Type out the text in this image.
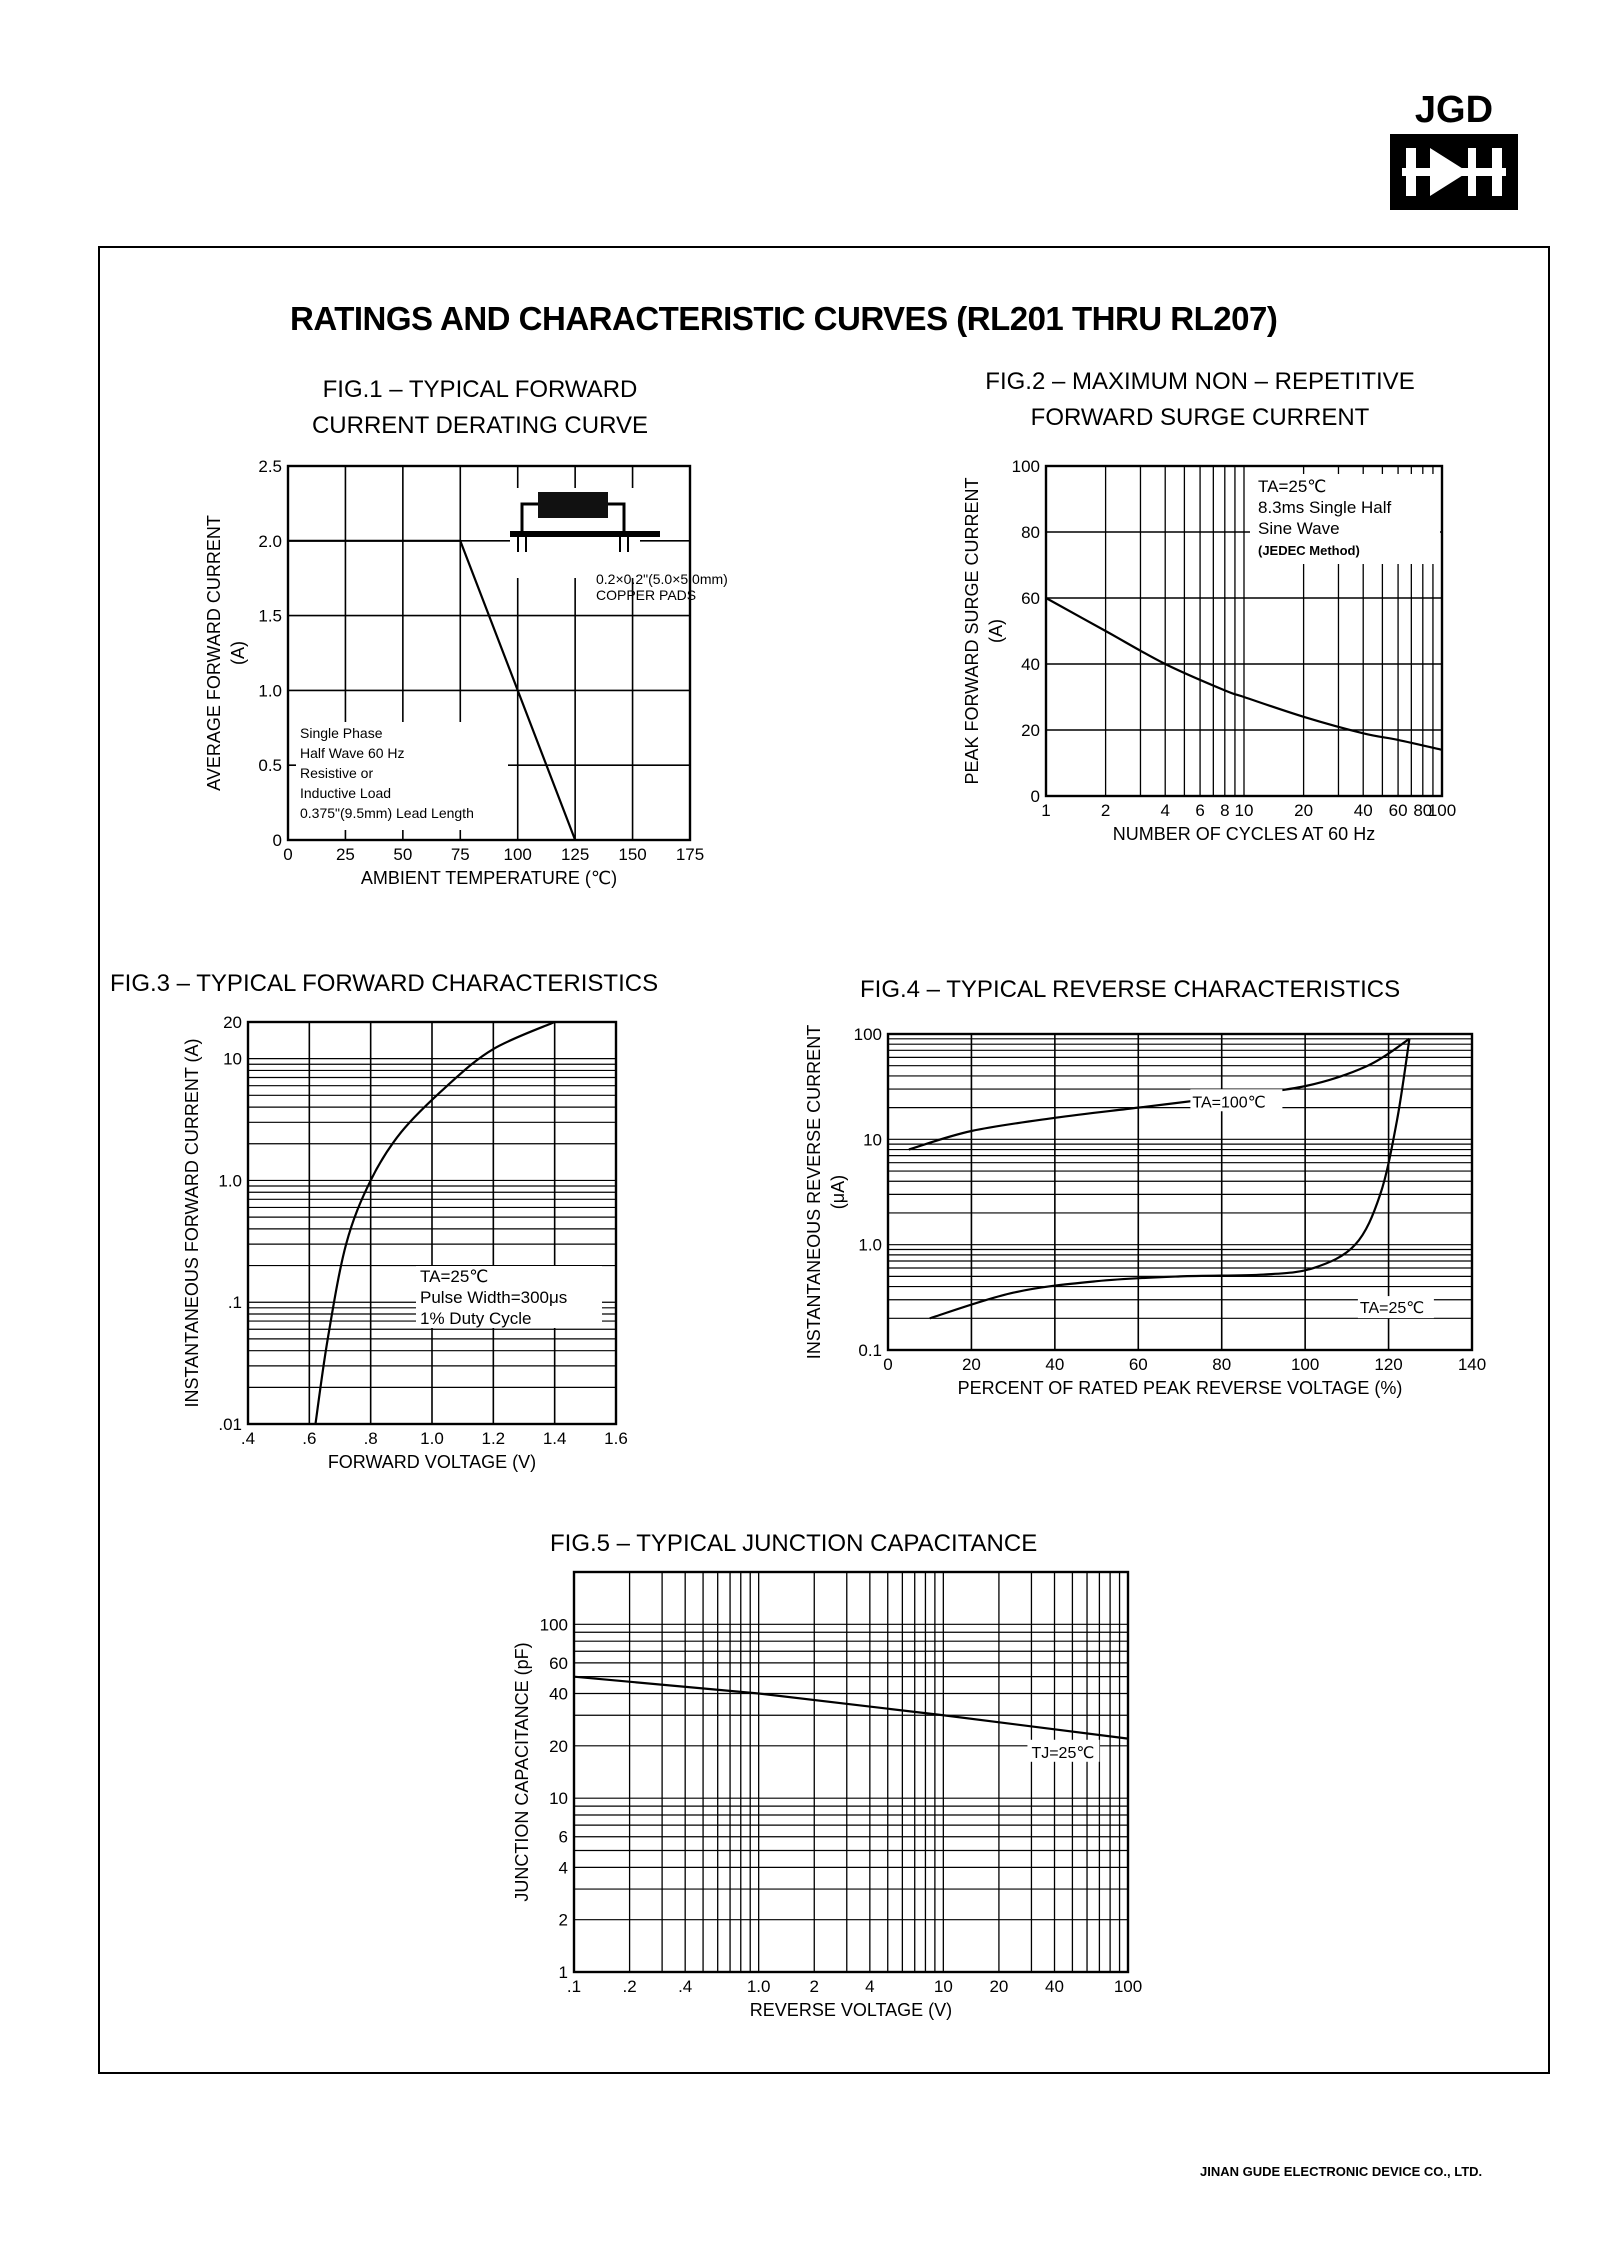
JGD
RATINGS AND CHARACTERISTIC CURVES (RL201 THRU RL207)
FIG.1 – TYPICAL FORWARD
CURRENT DERATING CURVE
0	25 50 75 100 125 150 175
0
0.5
1.0
1.5
2.0
2.5
AMBIENT TEMPERATURE (℃)
AVERAGE FORWARD CURRENT (A)
Single Phase
Half Wave 60 Hz
Resistive or
Inductive Load
0.375"(9.5mm) Lead Length
0.2×0.2"(5.0×5.0mm)
COPPER PADS
FIG.2 – MAXIMUM NON – REPETITIVE
FORWARD SURGE CURRENT
1	2	4 6 8 10 20 40 60 80
100
0
20
40
60
80
100
NUMBER OF CYCLES AT 60 Hz
PEAK FORWARD SURGE CURRENT (A)
TA=25℃
8.3ms Single Half
Sine Wave
(JEDEC Method)
FIG.3 – TYPICAL FORWARD CHARACTERISTICS
.4	.6	.8 1.0 1.2 1.4 1.6
.01
.1
1.0
10
20
FORWARD VOLTAGE (V)
INSTANTANEOUS FORWARD CURRENT (A)	TA=25℃
Pulse Width=300μs
1% Duty Cycle
FIG.4 – TYPICAL REVERSE CHARACTERISTICS
0	20	40	60	80	100	120	140
0.1
1.0
10
100
PERCENT OF RATED PEAK REVERSE VOLTAGE (%)
INSTANTANEOUS REVERSE CURRENT (μA)
TA=100℃
TA=25℃
FIG.5 – TYPICAL JUNCTION CAPACITANCE
.1 .2 .4	1.0 2	4	10 20 40	100
1
2
4
6
10
20
40
60
100
REVERSE VOLTAGE (V)
JUNCTION CAPACITANCE (pF)	TJ=25℃
JINAN GUDE ELECTRONIC DEVICE CO., LTD.
